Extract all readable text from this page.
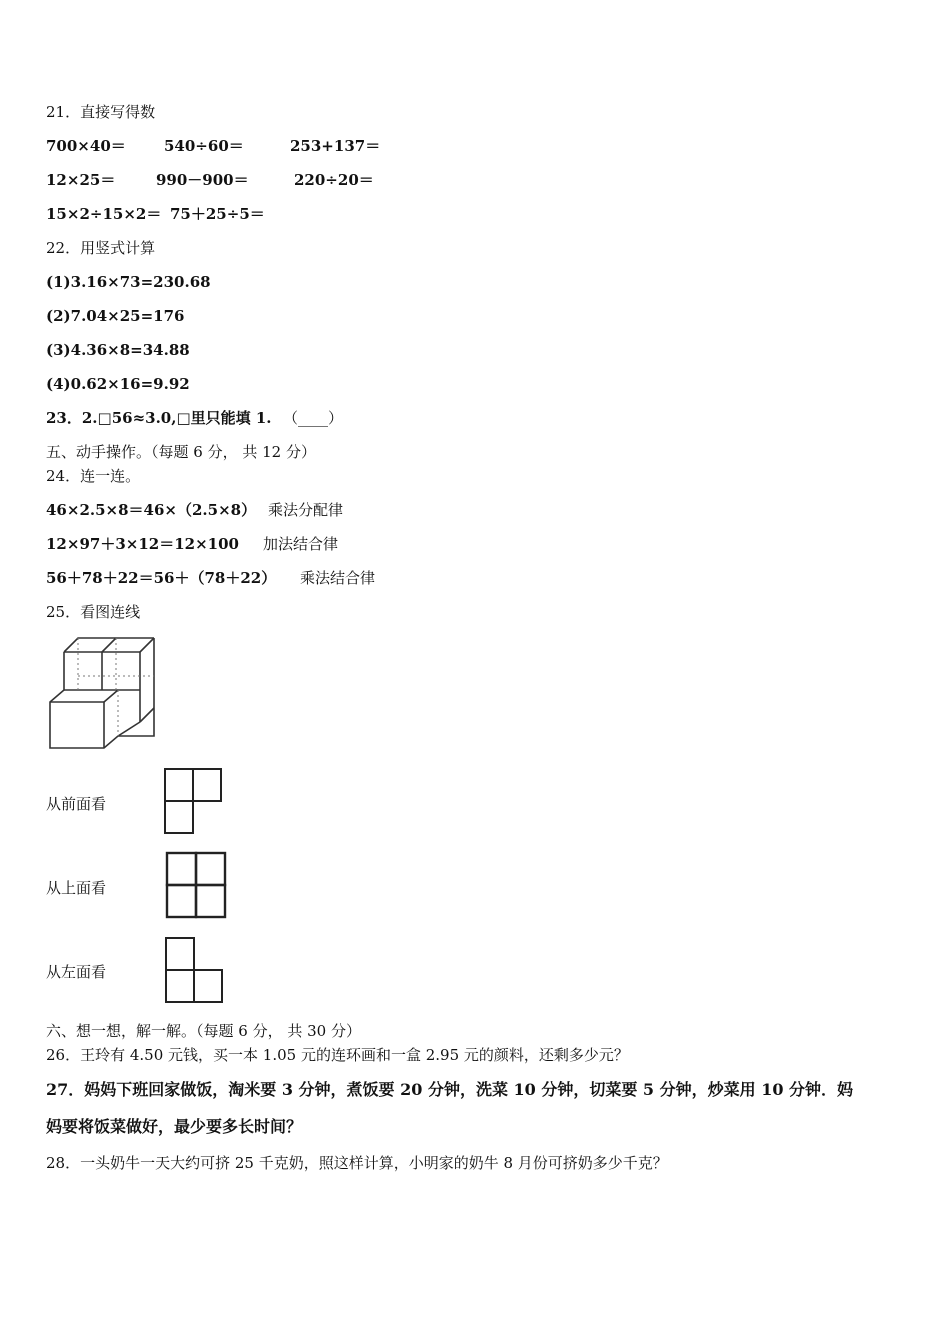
21．直接写得数
700×40＝	540÷60＝	253+137＝
12×25＝	990－900＝	220÷20＝
15×2÷15×2＝ 75＋25÷5＝
22．用竖式计算
(1)3.16×73=230.68
(2)7.04×25=176
(3)4.36×8=34.88
(4)0.62×16=9.92
23．2.□56≈3.0,□里只能填 1. （____）
五、动手操作。（每题 6 分， 共 12 分）
24．连一连。
46×2.5×8＝46×（2.5×8） 乘法分配律
12×97＋3×12＝12×100 加法结合律
56＋78＋22＝56＋（78＋22） 乘法结合律
25．看图连线
从前面看
从上面看
从左面看
六、想一想，解一解。（每题 6 分， 共 30 分）
26．王玲有 4.50 元钱，买一本 1.05 元的连环画和一盒 2.95 元的颜料，还剩多少元？
27．妈妈下班回家做饭，淘米要 3 分钟，煮饭要 20 分钟，洗菜 10 分钟，切菜要 5 分钟，炒菜用 10 分钟．妈
妈要将饭菜做好，最少要多长时间？
28．一头奶牛一天大约可挤 25 千克奶，照这样计算，小明家的奶牛 8 月份可挤奶多少千克？
